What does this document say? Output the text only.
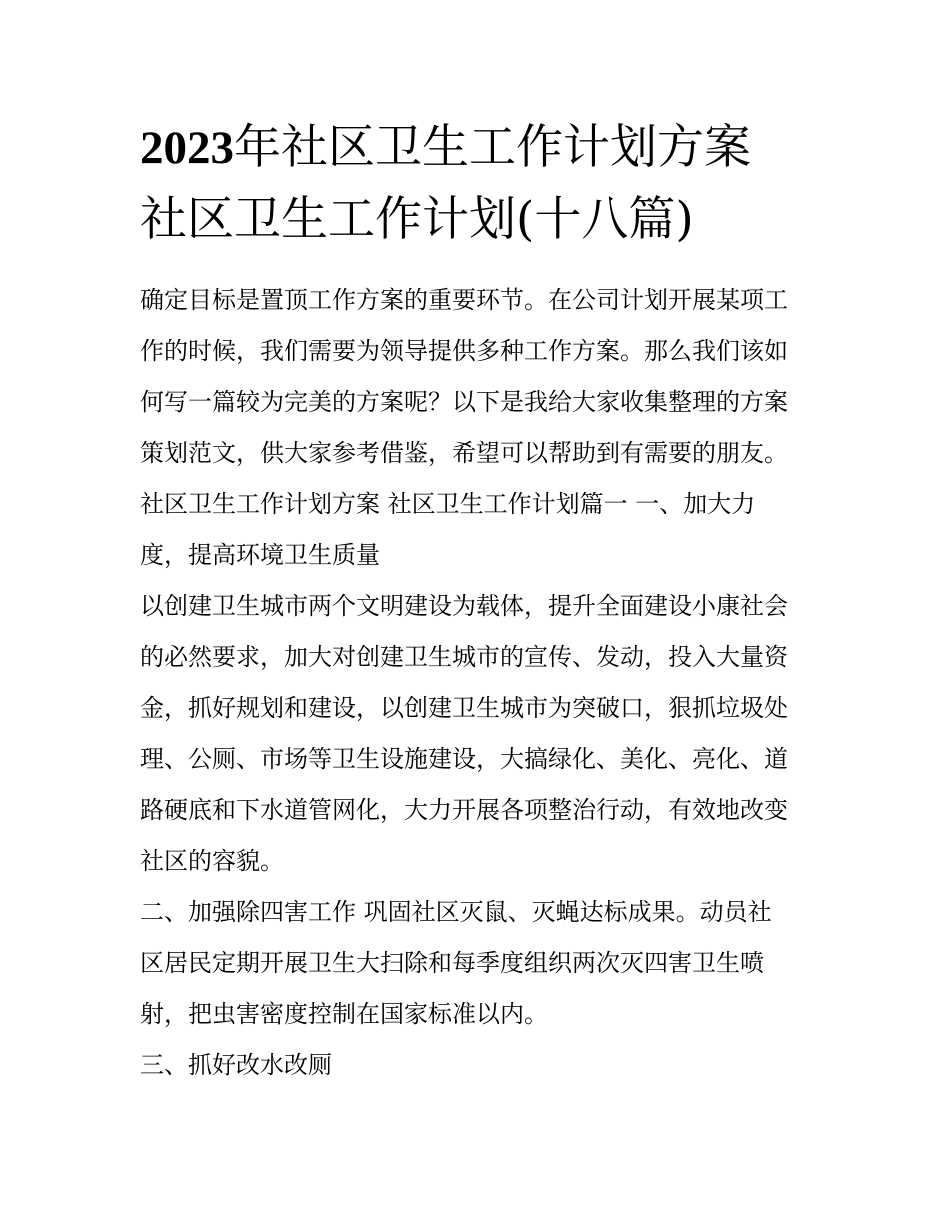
2023年社区卫生工作计划方案
社区卫生工作计划(十八篇)

确定目标是置顶工作方案的重要环节。在公司计划开展某项工

作的时候，我们需要为领导提供多种工作方案。那么我们该如

何写一篇较为完美的方案呢？以下是我给大家收集整理的方案

策划范文，供大家参考借鉴，希望可以帮助到有需要的朋友。

社区卫生工作计划方案 社区卫生工作计划篇一 一、加大力

度，提高环境卫生质量

以创建卫生城市两个文明建设为载体，提升全面建设小康社会

的必然要求，加大对创建卫生城市的宣传、发动，投入大量资

金，抓好规划和建设，以创建卫生城市为突破口，狠抓垃圾处

理、公厕、市场等卫生设施建设，大搞绿化、美化、亮化、道

路硬底和下水道管网化，大力开展各项整治行动，有效地改变

社区的容貌。

二、加强除四害工作 巩固社区灭鼠、灭蝇达标成果。动员社

区居民定期开展卫生大扫除和每季度组织两次灭四害卫生喷

射，把虫害密度控制在国家标准以内。

三、抓好改水改厕
